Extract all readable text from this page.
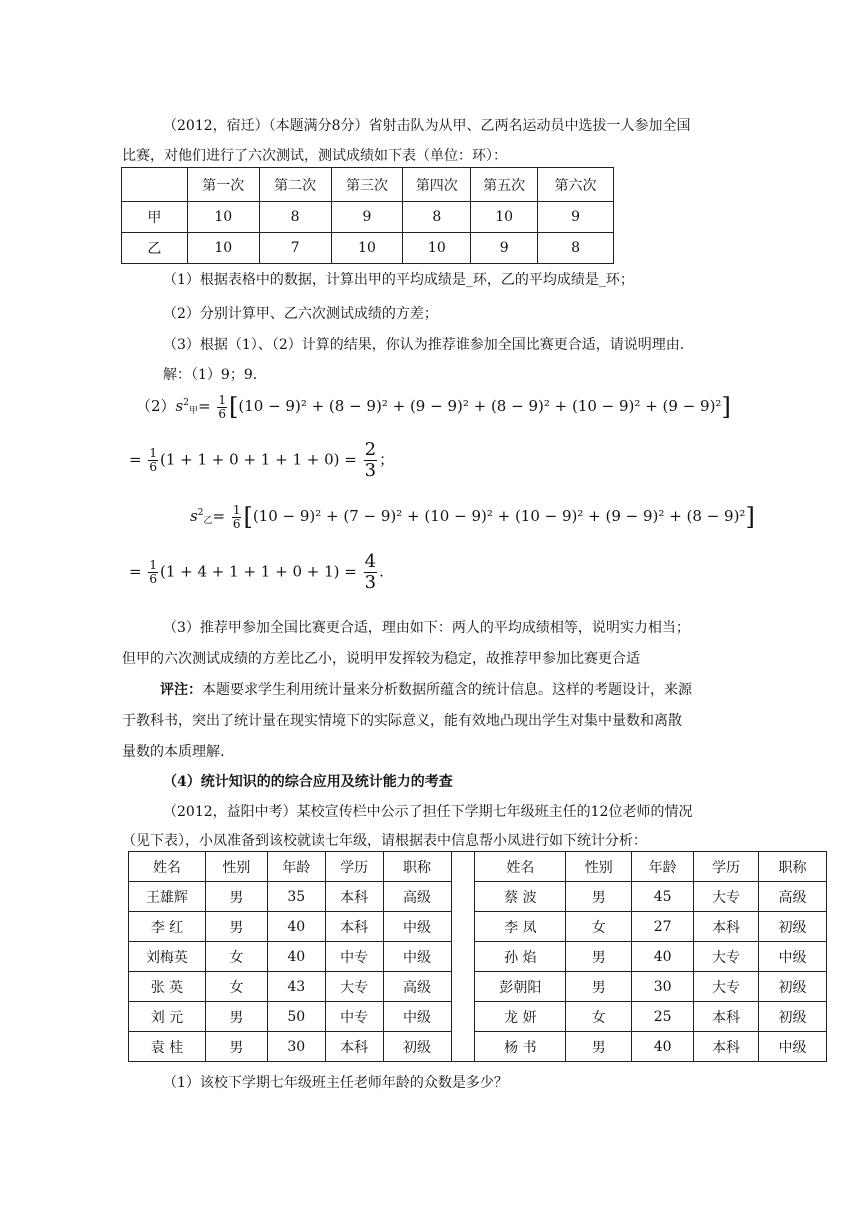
（2012，宿迁）（本题满分8分）省射击队为从甲、乙两名运动员中选拔一人参加全国
比赛，对他们进行了六次测试，测试成绩如下表（单位：环）：
	第一次	第二次	第三次	第四次	第五次	第六次
甲	10	8	9	8	10	9
乙	10	7	10	10	9	8
（1）根据表格中的数据，计算出甲的平均成绩是_环，乙的平均成绩是_环；
（2）分别计算甲、乙六次测试成绩的方差；
（3）根据（1）、（2）计算的结果，你认为推荐谁参加全国比赛更合适，请说明理由.
解：（1）9；9.
$(2)s^2_甲= \frac{1}{6} [(10 - 9)^2 + (8 - 9)^2 + (9 - 9)^2 + (8 - 9)^2 + (10 - 9)^2 + (9 - 9)^2]$
= $\frac{1}{6} (1 + 1 + 0 + 1 + 1 + 0) = \frac{2}{3}$ ；
$s^2_乙= \frac{1}{6} [(10 - 9)^2 + (7 - 9)^2 + (10 - 9)^2 + (10 - 9)^2 + (9 - 9)^2 + (8 - 9)^2]$
= $\frac{1}{6} (1 + 4 + 1 + 1 + 0 + 1) = \frac{4}{3}$ .
（3）推荐甲参加全国比赛更合适，理由如下：两人的平均成绩相等，说明实力相当；
但甲的六次测试成绩的方差比乙小，说明甲发挥较为稳定，故推荐甲参加比赛更合适
评注：本题要求学生利用统计量来分析数据所蕴含的统计信息。这样的考题设计，来源
于教科书，突出了统计量在现实情境下的实际意义，能有效地凸现出学生对集中量数和离散
量数的本质理解.
（4）统计知识的的综合应用及统计能力的考查
（2012，益阳中考）某校宣传栏中公示了担任下学期七年级班主任的12位老师的情况
（见下表），小凤准备到该校就读七年级，请根据表中信息帮小凤进行如下统计分析：
姓名	性别	年龄	学历	职称		姓名	性别	年龄	学历	职称
王雄辉	男	35	本科	高级		蔡 波	男	45	大专	高级
李 红	男	40	本科	中级		李 凤	女	27	本科	初级
刘梅英	女	40	中专	中级		孙 焰	男	40	大专	中级
张 英	女	43	大专	高级		彭朝阳	男	30	大专	初级
刘 元	男	50	中专	中级		龙 妍	女	25	本科	初级
袁 桂	男	30	本科	初级		杨 书	男	40	本科	中级
（1）该校下学期七年级班主任老师年龄的众数是多少？
